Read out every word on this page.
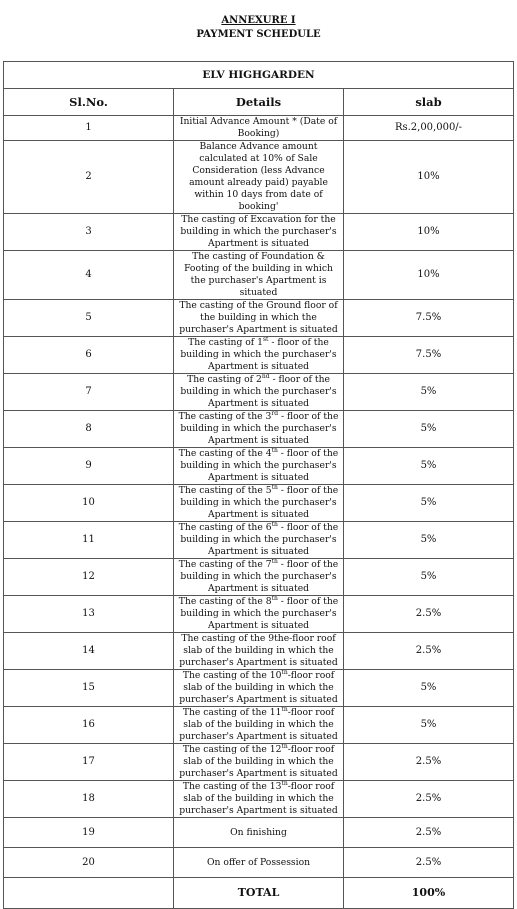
ANNEXURE I
PAYMENT SCHEDULE
ELV HIGHGARDEN		
Sl.No.	Details	slab
1	Initial Advance Amount * (Date of Booking)	Rs.2,00,000/-
2	Balance Advance amount calculated at 10% of Sale Consideration (less Advance amount already paid) payable within 10 days from date of booking'	10%
3	The casting of Excavation for the building in which the purchaser's Apartment is situated	10%
4	The casting of Foundation & Footing of the building in which the purchaser's Apartment is situated	10%
5	The casting of the Ground floor of the building in which the purchaser's Apartment is situated	7.5%
6	The casting of 1st - floor of the building in which the purchaser's Apartment is situated	7.5%
7	The casting of 2nd - floor of the building in which the purchaser's Apartment is situated	5%
8	The casting of the 3rd - floor of the building in which the purchaser's Apartment is situated	5%
9	The casting of the 4th - floor of the building in which the purchaser's Apartment is situated	5%
10	The casting of the 5th - floor of the building in which the purchaser's Apartment is situated	5%
11	The casting of the 6th - floor of the building in which the purchaser's Apartment is situated	5%
12	The casting of the 7th - floor of the building in which the purchaser's Apartment is situated	5%
13	The casting of the 8th - floor of the building in which the purchaser's Apartment is situated	2.5%
14	The casting of the 9the-floor roof slab of the building in which the purchaser's Apartment is situated	2.5%
15	The casting of the 10th-floor roof slab of the building in which the purchaser's Apartment is situated	5%
16	The casting of the 11th-floor roof slab of the building in which the purchaser's Apartment is situated	5%
17	The casting of the 12th-floor roof slab of the building in which the purchaser's Apartment is situated	2.5%
18	The casting of the 13th-floor roof slab of the building in which the purchaser's Apartment is situated	2.5%
19	On finishing	2.5%
20	On offer of Possession	2.5%
	TOTAL	100%
